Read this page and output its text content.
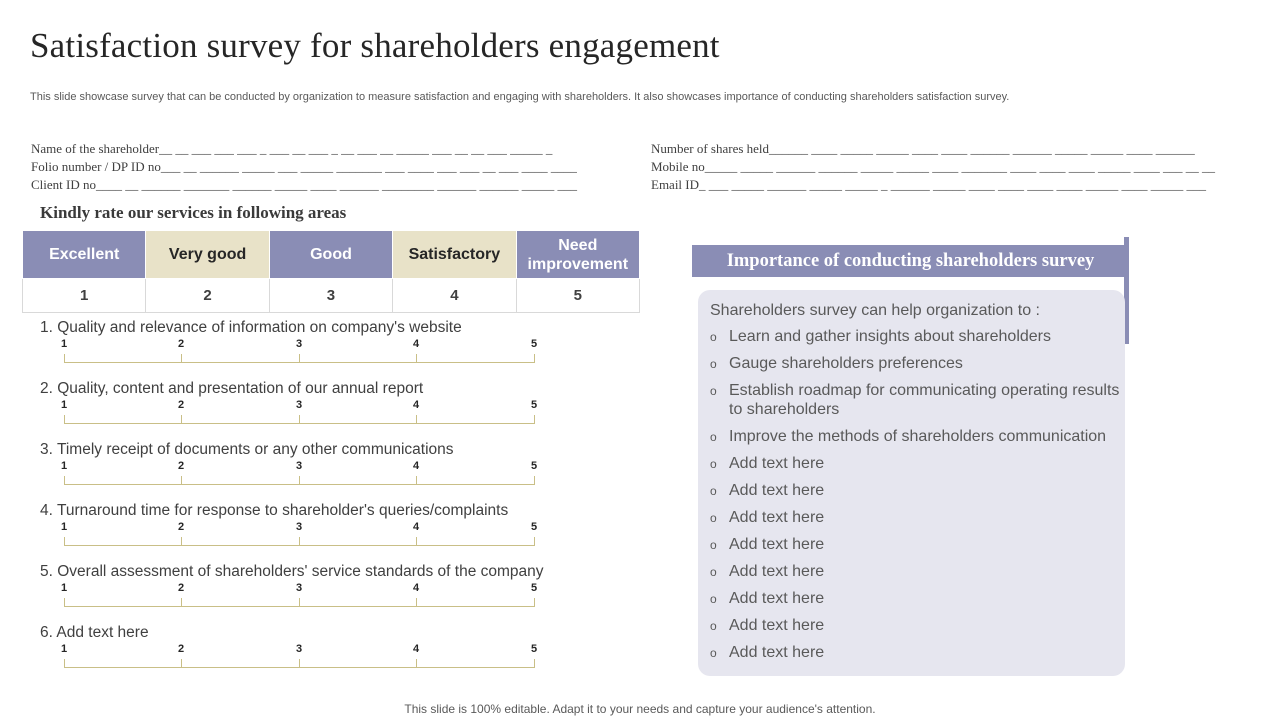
Satisfaction survey for shareholders engagement
This slide showcase survey that can be conducted by organization to measure satisfaction and engaging with shareholders. It also showcases importance of conducting shareholders satisfaction survey.
Name of the shareholder__ __ ___ ___ ___ _ ___ __ ___ _ __ ___ __ _____ ___ __ __ ___ _____ _
Folio number / DP ID no___ __ ______ _____ ___ _____ _______ ___ ____ ___ ___ __ ___ ____ ____
Client ID no____ __ ______ _______ ______ _____ ____ ______ ________ ______ ______ _____ ___
Number of shares held______ ____ _____ _____ ____ ____ ______ ______ _____ _____ ____ ______
Mobile no_____ _____ ______ ______ _____ _____ ____ _______ ____ ____ ____ _____ ____ ___ __ __
Email ID_ ___ _____ ______ _____ _____ _ ______ _____ ____ ____ ____ ____ _____ ____ _____ ___
Kindly rate our services in following areas
Excellent	Very good	Good	Satisfactory	Need improvement
1	2	3	4	5
1. Quality and relevance of information on company's website
1	2	3	4	5
2. Quality, content and presentation of our annual report
1	2	3	4	5
3. Timely receipt of documents or any other communications
1	2	3	4	5
4. Turnaround time for response to shareholder's queries/complaints
1	2	3	4	5
5. Overall assessment of shareholders' service standards of the company
1	2	3	4	5
6. Add text here
1	2	3	4	5
Importance of conducting shareholders survey
Shareholders survey can help organization to :
o Learn and gather insights about shareholders
o Gauge shareholders preferences
o Establish roadmap for communicating operating results to shareholders
o Improve the methods of shareholders communication
o Add text here
o Add text here
o Add text here
o Add text here
o Add text here
o Add text here
o Add text here
o Add text here
This slide is 100% editable. Adapt it to your needs and capture your audience's attention.
